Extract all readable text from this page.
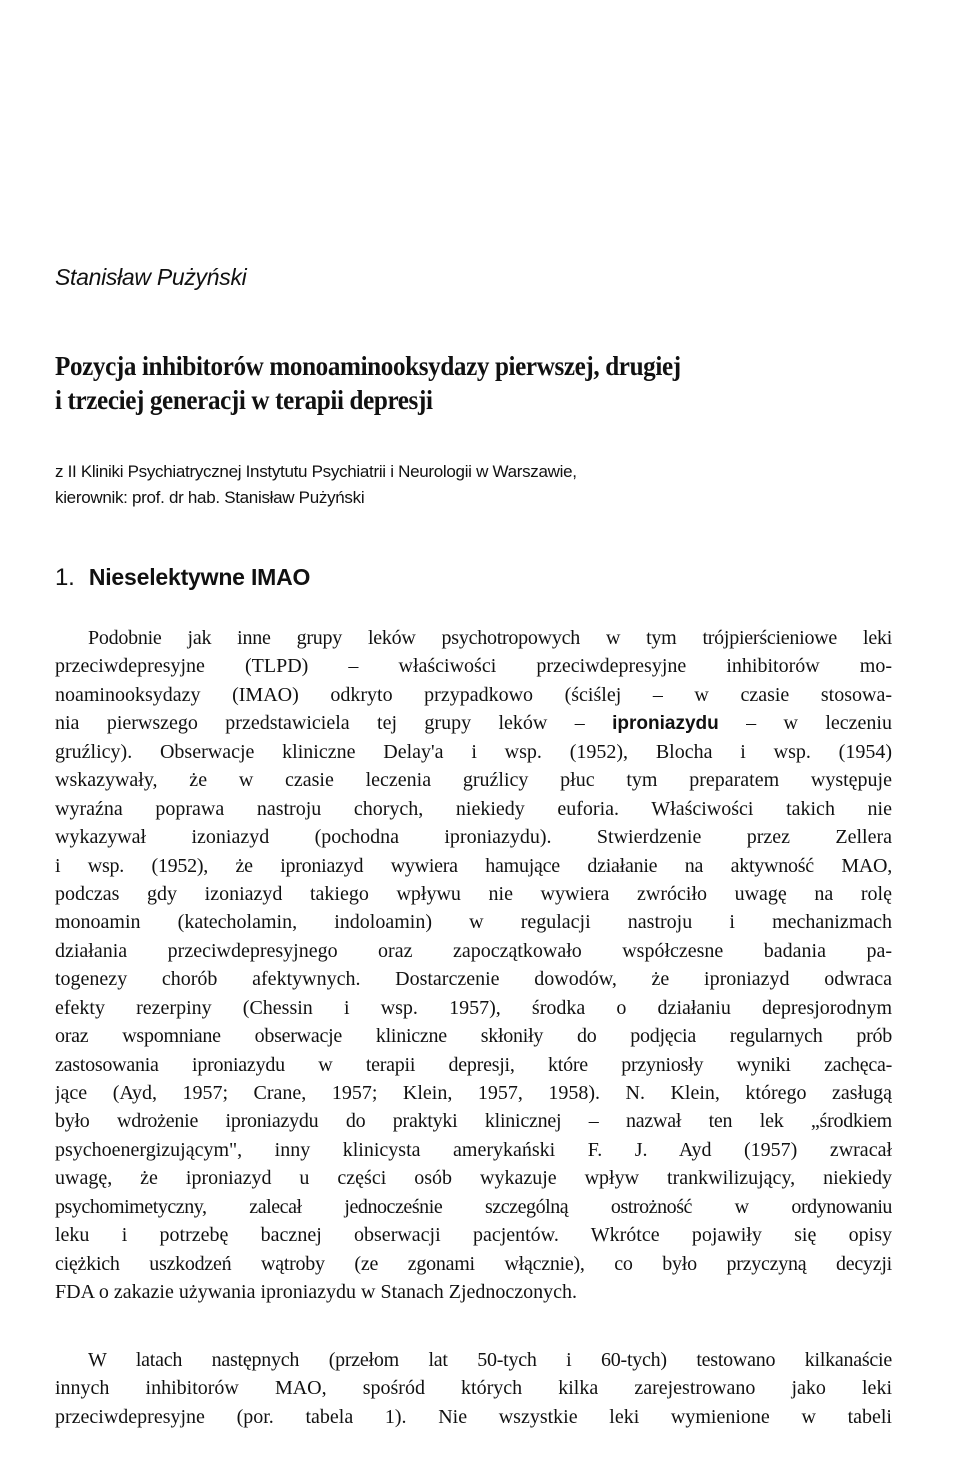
Stanisław Pużyński
Pozycja inhibitorów monoaminooksydazy pierwszej, drugiej
i trzeciej generacji w terapii depresji
z II Kliniki Psychiatrycznej Instytutu Psychiatrii i Neurologii w Warszawie,
kierownik: prof. dr hab. Stanisław Pużyński
1. Nieselektywne IMAO
Podobnie jak inne grupy leków psychotropowych w tym trójpierścieniowe leki
przeciwdepresyjne (TLPD) – właściwości przeciwdepresyjne inhibitorów mo-
noaminooksydazy (IMAO) odkryto przypadkowo (ściślej – w czasie stosowa-
nia pierwszego przedstawiciela tej grupy leków – iproniazydu – w leczeniu
gruźlicy). Obserwacje kliniczne Delay'a i wsp. (1952), Blocha i wsp. (1954)
wskazywały, że w czasie leczenia gruźlicy płuc tym preparatem występuje
wyraźna poprawa nastroju chorych, niekiedy euforia. Właściwości takich nie
wykazywał izoniazyd (pochodna iproniazydu). Stwierdzenie przez Zellera
i wsp. (1952), że iproniazyd wywiera hamujące działanie na aktywność MAO,
podczas gdy izoniazyd takiego wpływu nie wywiera zwróciło uwagę na rolę
monoamin (katecholamin, indoloamin) w regulacji nastroju i mechanizmach
działania przeciwdepresyjnego oraz zapoczątkowało współczesne badania pa-
togenezy chorób afektywnych. Dostarczenie dowodów, że iproniazyd odwraca
efekty rezerpiny (Chessin i wsp. 1957), środka o działaniu depresjorodnym
oraz wspomniane obserwacje kliniczne skłoniły do podjęcia regularnych prób
zastosowania iproniazydu w terapii depresji, które przyniosły wyniki zachęca-
jące (Ayd, 1957; Crane, 1957; Klein, 1957, 1958). N. Klein, którego zasługą
było wdrożenie iproniazydu do praktyki klinicznej – nazwał ten lek „środkiem
psychoenergizującym", inny klinicysta amerykański F. J. Ayd (1957) zwracał
uwagę, że iproniazyd u części osób wykazuje wpływ trankwilizujący, niekiedy
psychomimetyczny, zalecał jednocześnie szczególną ostrożność w ordynowaniu
leku i potrzebę bacznej obserwacji pacjentów. Wkrótce pojawiły się opisy
ciężkich uszkodzeń wątroby (ze zgonami włącznie), co było przyczyną decyzji
FDA o zakazie używania iproniazydu w Stanach Zjednoczonych.
W latach następnych (przełom lat 50-tych i 60-tych) testowano kilkanaście
innych inhibitorów MAO, spośród których kilka zarejestrowano jako leki
przeciwdepresyjne (por. tabela 1). Nie wszystkie leki wymienione w tabeli
